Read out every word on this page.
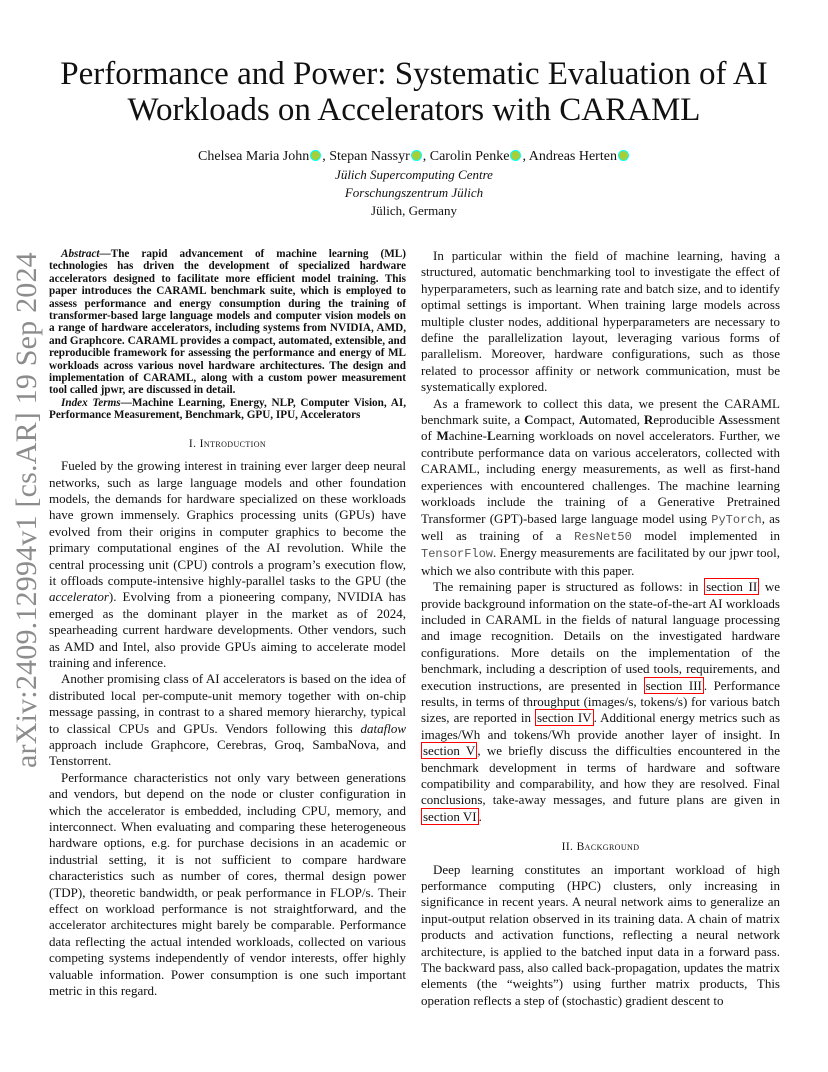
arXiv:2409.12994v1 [cs.AR] 19 Sep 2024
Performance and Power: Systematic Evaluation of AI Workloads on Accelerators with CARAML
Chelsea Maria John , Stepan Nassyr , Carolin Penke , Andreas Herten
Jülich Supercomputing Centre
Forschungszentrum Jülich
Jülich, Germany

Abstract—The rapid advancement of machine learning (ML) technologies has driven the development of specialized hardware accelerators designed to facilitate more efficient model training. This paper introduces the CARAML benchmark suite, which is employed to assess performance and energy consumption during the training of transformer-based large language models and computer vision models on a range of hardware accelerators, including systems from NVIDIA, AMD, and Graphcore. CARAML provides a compact, automated, extensible, and reproducible framework for assessing the performance and energy of ML workloads across various novel hardware architectures. The design and implementation of CARAML, along with a custom power measurement tool called jpwr, are discussed in detail.

Index Terms—Machine Learning, Energy, NLP, Computer Vision, AI, Performance Measurement, Benchmark, GPU, IPU, Accelerators

I. Introduction

Fueled by the growing interest in training ever larger deep neural networks, such as large language models and other foundation models, the demands for hardware specialized on these workloads have grown immensely. Graphics processing units (GPUs) have evolved from their origins in computer graphics to become the primary computational engines of the AI revolution. While the central processing unit (CPU) controls a program’s execution flow, it offloads compute-intensive highly-parallel tasks to the GPU (the accelerator). Evolving from a pioneering company, NVIDIA has emerged as the dominant player in the market as of 2024, spearheading current hardware developments. Other vendors, such as AMD and Intel, also provide GPUs aiming to accelerate model training and inference.

Another promising class of AI accelerators is based on the idea of distributed local per-compute-unit memory together with on-chip message passing, in contrast to a shared memory hierarchy, typical to classical CPUs and GPUs. Vendors following this dataflow approach include Graphcore, Cerebras, Groq, SambaNova, and Tenstorrent.

Performance characteristics not only vary between generations and vendors, but depend on the node or cluster configuration in which the accelerator is embedded, including CPU, memory, and interconnect. When evaluating and comparing these heterogeneous hardware options, e.g. for purchase decisions in an academic or industrial setting, it is not sufficient to compare hardware characteristics such as number of cores, thermal design power (TDP), theoretic bandwidth, or peak performance in FLOP/s. Their effect on workload performance is not straightforward, and the accelerator architectures might barely be comparable. Performance data reflecting the actual intended workloads, collected on various competing systems independently of vendor interests, offer highly valuable information. Power consumption is one such important metric in this regard.

In particular within the field of machine learning, having a structured, automatic benchmarking tool to investigate the effect of hyperparameters, such as learning rate and batch size, and to identify optimal settings is important. When training large models across multiple cluster nodes, additional hyperparameters are necessary to define the parallelization layout, leveraging various forms of parallelism. Moreover, hardware configurations, such as those related to processor affinity or network communication, must be systematically explored.

As a framework to collect this data, we present the CARAML benchmark suite, a Compact, Automated, Reproducible Assessment of Machine-Learning workloads on novel accelerators. Further, we contribute performance data on various accelerators, collected with CARAML, including energy measurements, as well as first-hand experiences with encountered challenges. The machine learning workloads include the training of a Generative Pretrained Transformer (GPT)-based large language model using PyTorch, as well as training of a ResNet50 model implemented in TensorFlow. Energy measurements are facilitated by our jpwr tool, which we also contribute with this paper.

The remaining paper is structured as follows: in section II we provide background information on the state-of-the-art AI workloads included in CARAML in the fields of natural language processing and image recognition. Details on the investigated hardware configurations. More details on the implementation of the benchmark, including a description of used tools, requirements, and execution instructions, are presented in section III . Performance results, in terms of throughput (images/s, tokens/s) for various batch sizes, are reported in section IV . Additional energy metrics such as images/Wh and tokens/Wh provide another layer of insight. In section V , we briefly discuss the difficulties encountered in the benchmark development in terms of hardware and software compatibility and comparability, and how they are resolved. Final conclusions, take-away messages, and future plans are given in section VI .

II. Background

Deep learning constitutes an important workload of high performance computing (HPC) clusters, only increasing in significance in recent years. A neural network aims to generalize an input-output relation observed in its training data. A chain of matrix products and activation functions, reflecting a neural network architecture, is applied to the batched input data in a forward pass. The backward pass, also called back-propagation, updates the matrix elements (the “weights”) using further matrix products, This operation reflects a step of (stochastic) gradient descent to
